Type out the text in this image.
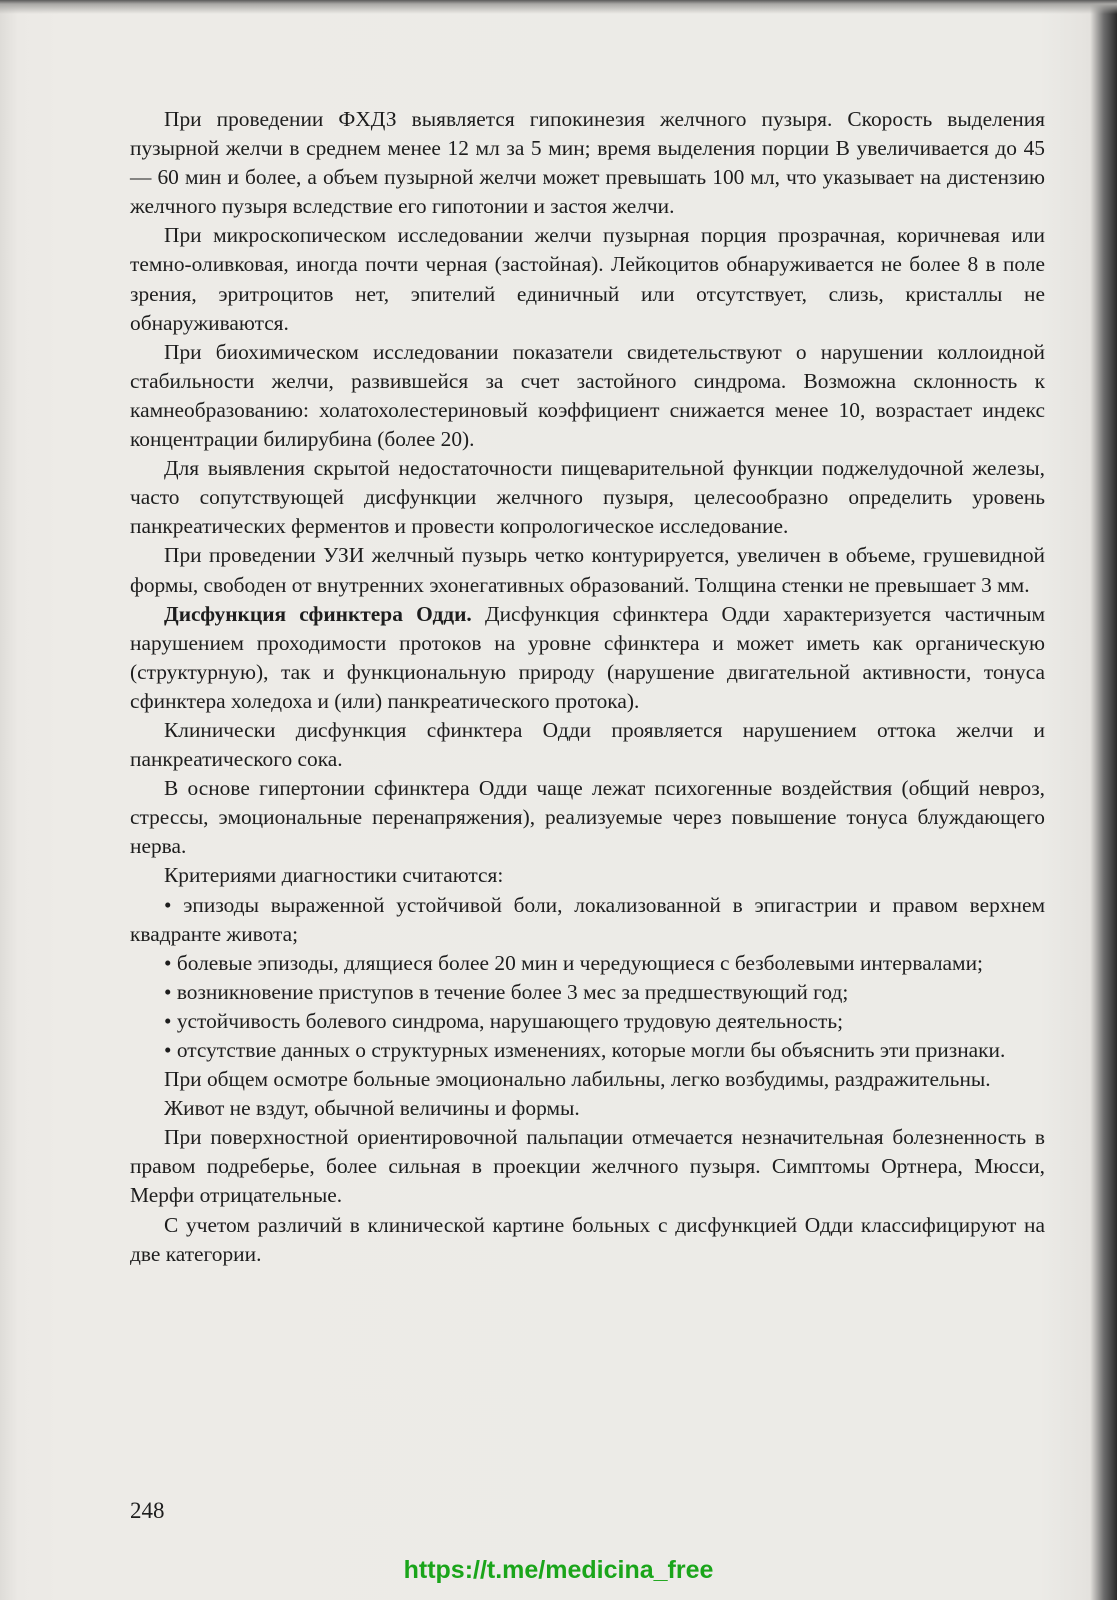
При проведении ФХДЗ выявляется гипокинезия желчного пузыря. Скорость выделения пузырной желчи в среднем менее 12 мл за 5 мин; время выделения порции В увеличивается до 45 — 60 мин и более, а объем пузырной желчи может превышать 100 мл, что указывает на дистензию желчного пузыря вследствие его гипотонии и застоя желчи.

При микроскопическом исследовании желчи пузырная порция прозрачная, коричневая или темно-оливковая, иногда почти черная (застойная). Лейкоцитов обнаруживается не более 8 в поле зрения, эритроцитов нет, эпителий единичный или отсутствует, слизь, кристаллы не обнаруживаются.

При биохимическом исследовании показатели свидетельствуют о нарушении коллоидной стабильности желчи, развившейся за счет застойного синдрома. Возможна склонность к камнеобразованию: холатохолестериновый коэффициент снижается менее 10, возрастает индекс концентрации билирубина (более 20).

Для выявления скрытой недостаточности пищеварительной функции поджелудочной железы, часто сопутствующей дисфункции желчного пузыря, целесообразно определить уровень панкреатических ферментов и провести копрологическое исследование.

При проведении УЗИ желчный пузырь четко контурируется, увеличен в объеме, грушевидной формы, свободен от внутренних эхонегативных образований. Толщина стенки не превышает 3 мм.

Дисфункция сфинктера Одди. Дисфункция сфинктера Одди характеризуется частичным нарушением проходимости протоков на уровне сфинктера и может иметь как органическую (структурную), так и функциональную природу (нарушение двигательной активности, тонуса сфинктера холедоха и (или) панкреатического протока).

Клинически дисфункция сфинктера Одди проявляется нарушением оттока желчи и панкреатического сока.

В основе гипертонии сфинктера Одди чаще лежат психогенные воздействия (общий невроз, стрессы, эмоциональные перенапряжения), реализуемые через повышение тонуса блуждающего нерва.

Критериями диагностики считаются:

• эпизоды выраженной устойчивой боли, локализованной в эпигастрии и правом верхнем квадранте живота;

• болевые эпизоды, длящиеся более 20 мин и чередующиеся с безболевыми интервалами;

• возникновение приступов в течение более 3 мес за предшествующий год;

• устойчивость болевого синдрома, нарушающего трудовую деятельность;

• отсутствие данных о структурных изменениях, которые могли бы объяснить эти признаки.

При общем осмотре больные эмоционально лабильны, легко возбудимы, раздражительны.

Живот не вздут, обычной величины и формы.

При поверхностной ориентировочной пальпации отмечается незначительная болезненность в правом подреберье, более сильная в проекции желчного пузыря. Симптомы Ортнера, Мюсси, Мерфи отрицательные.

С учетом различий в клинической картине больных с дисфункцией Одди классифицируют на две категории.

248
https://t.me/medicina_free
